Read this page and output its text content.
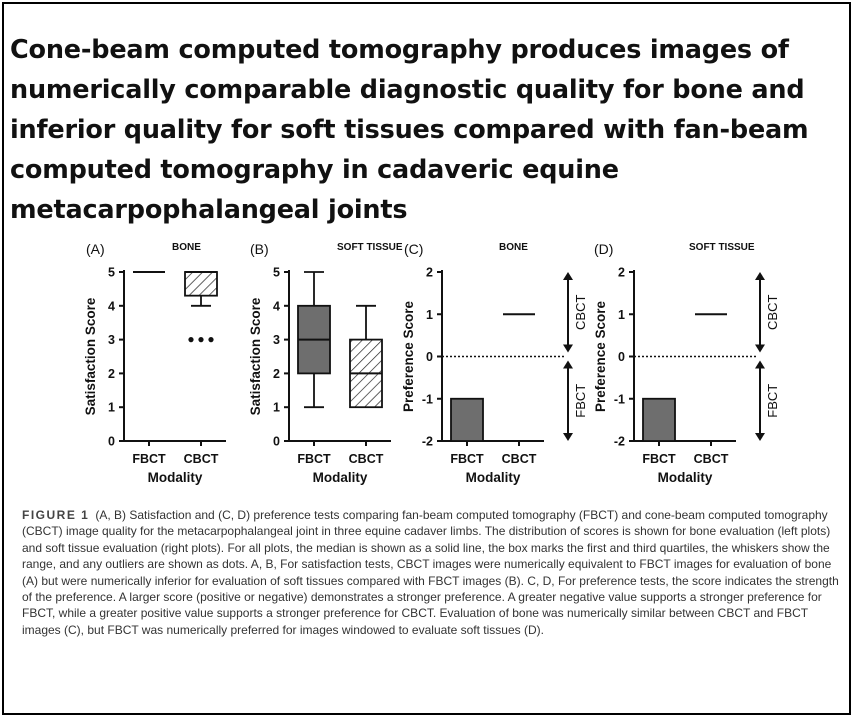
Cone-beam computed tomography produces images of numerically comparable diagnostic quality for bone and inferior quality for soft tissues compared with fan-beam computed tomography in cadaveric equine metacarpophalangeal joints
(A)	BONE
0
1
2
3
4
5
FBCT CBCT
Modality
Satisfaction Score
(B)	SOFT TISSUE
0
1
2
3
4
5
FBCT CBCT
Modality
Satisfaction Score
(C)	BONE
-2
-1
0
1
2
FBCT CBCT
Modality
Preference Score	CBCT
FBCT
(D)	SOFT TISSUE
-2
-1
0
1
2
FBCT CBCT
Modality
Preference Score	CBCT
FBCT

FIGURE 1 (A, B) Satisfaction and (C, D) preference tests comparing fan-beam computed tomography (FBCT) and cone-beam computed tomography (CBCT) image quality for the metacarpophalangeal joint in three equine cadaver limbs. The distribution of scores is shown for bone evaluation (left plots) and soft tissue evaluation (right plots). For all plots, the median is shown as a solid line, the box marks the first and third quartiles, the whiskers show the range, and any outliers are shown as dots. A, B, For satisfaction tests, CBCT images were numerically equivalent to FBCT images for evaluation of bone (A) but were numerically inferior for evaluation of soft tissues compared with FBCT images (B). C, D, For preference tests, the score indicates the strength of the preference. A larger score (positive or negative) demonstrates a stronger preference. A greater negative value supports a stronger preference for FBCT, while a greater positive value supports a stronger preference for CBCT. Evaluation of bone was numerically similar between CBCT and FBCT images (C), but FBCT was numerically preferred for images windowed to evaluate soft tissues (D).
